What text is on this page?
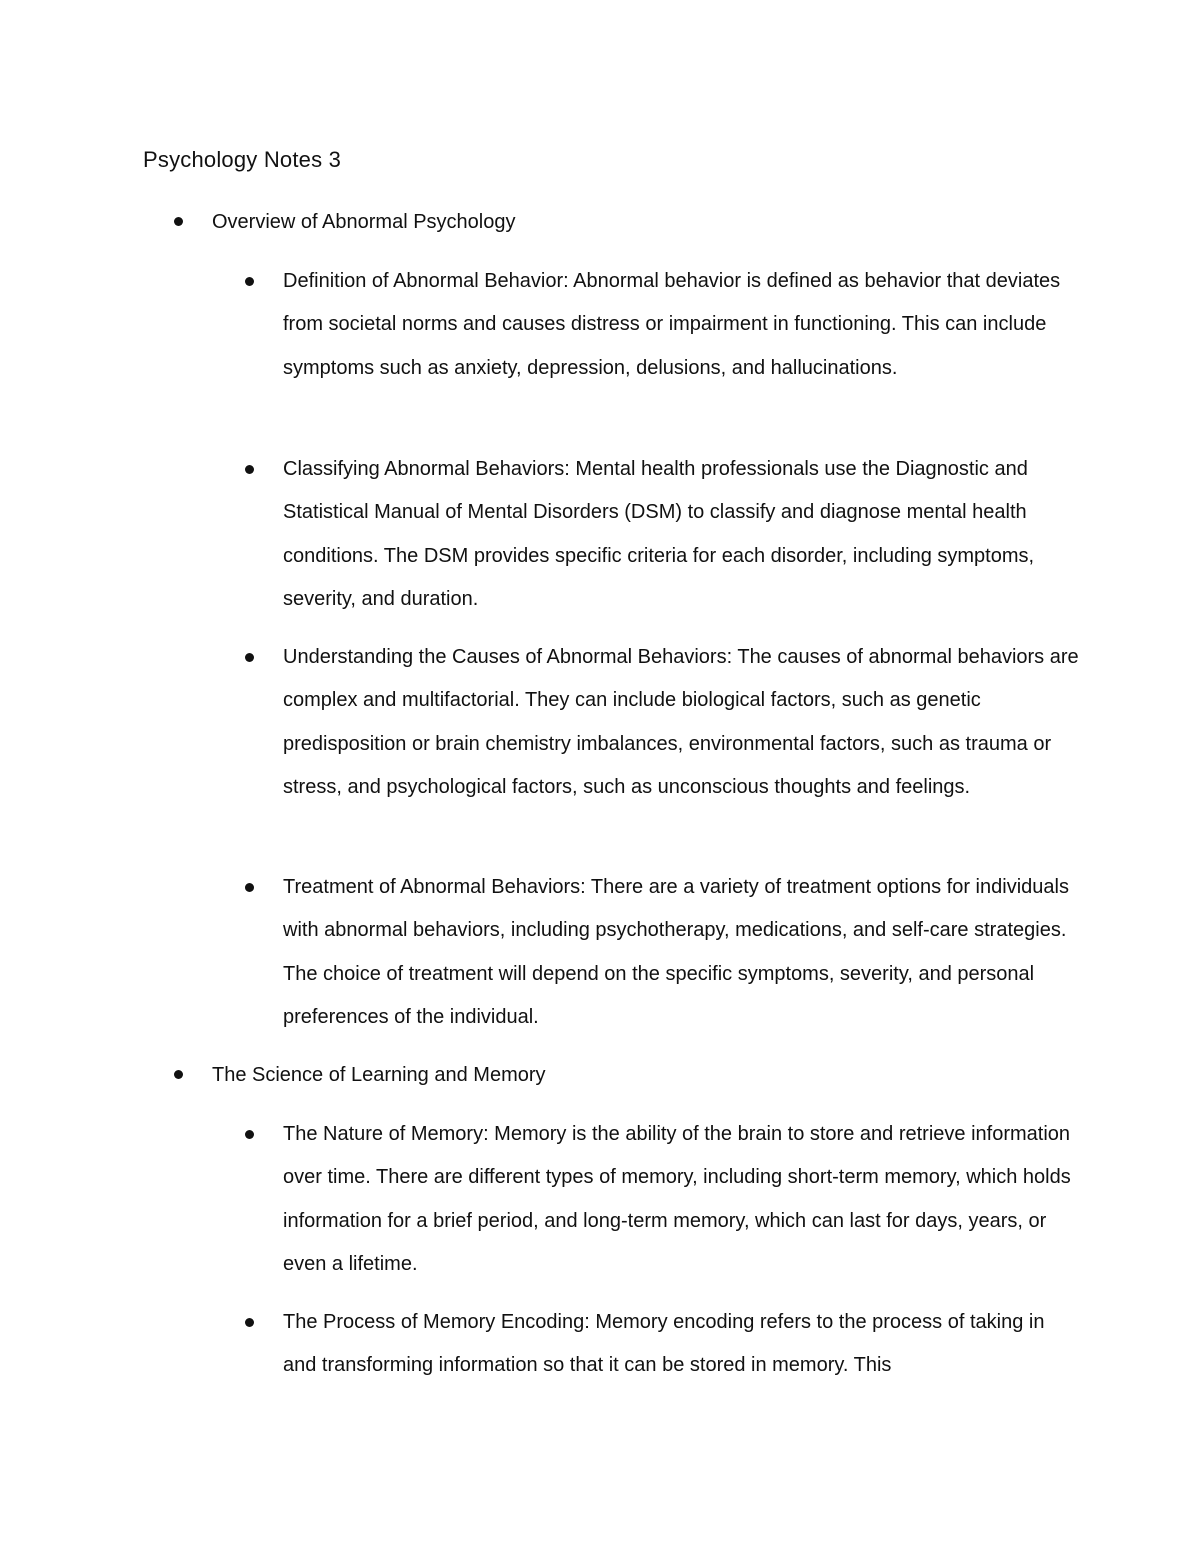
Psychology Notes 3
Overview of Abnormal Psychology
Definition of Abnormal Behavior: Abnormal behavior is defined as behavior that deviates from societal norms and causes distress or impairment in functioning. This can include symptoms such as anxiety, depression, delusions, and hallucinations.
Classifying Abnormal Behaviors: Mental health professionals use the Diagnostic and Statistical Manual of Mental Disorders (DSM) to classify and diagnose mental health conditions. The DSM provides specific criteria for each disorder, including symptoms, severity, and duration.
Understanding the Causes of Abnormal Behaviors: The causes of abnormal behaviors are complex and multifactorial. They can include biological factors, such as genetic predisposition or brain chemistry imbalances, environmental factors, such as trauma or stress, and psychological factors, such as unconscious thoughts and feelings.
Treatment of Abnormal Behaviors: There are a variety of treatment options for individuals with abnormal behaviors, including psychotherapy, medications, and self-care strategies. The choice of treatment will depend on the specific symptoms, severity, and personal preferences of the individual.
The Science of Learning and Memory
The Nature of Memory: Memory is the ability of the brain to store and retrieve information over time. There are different types of memory, including short-term memory, which holds information for a brief period, and long-term memory, which can last for days, years, or even a lifetime.
The Process of Memory Encoding: Memory encoding refers to the process of taking in and transforming information so that it can be stored in memory. This
